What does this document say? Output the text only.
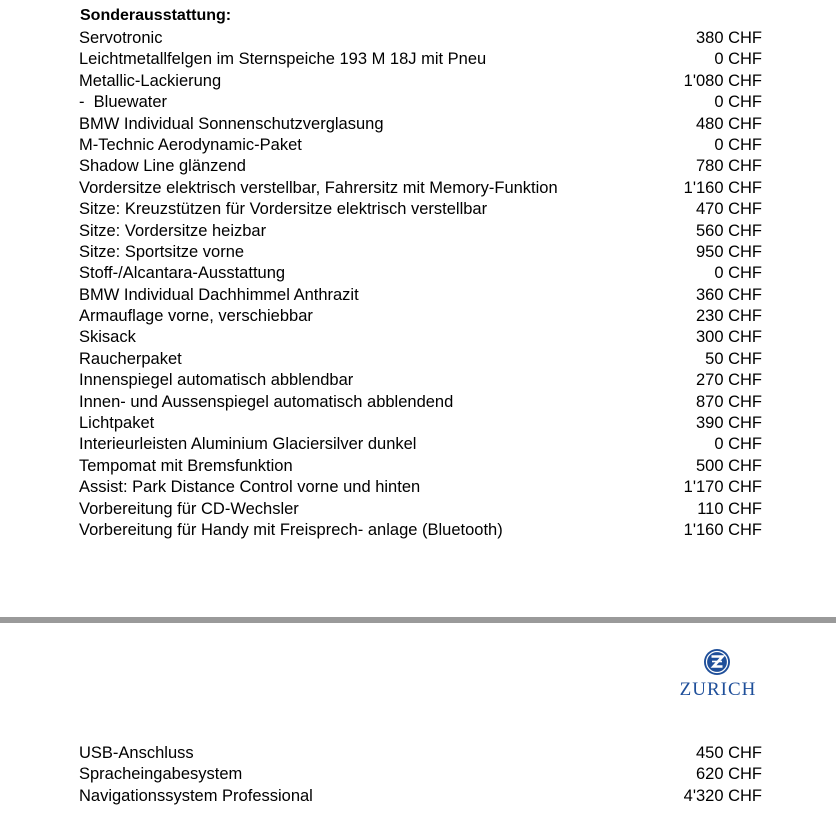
Sonderausstattung:
Servotronic	380 CHF
Leichtmetallfelgen im Sternspeiche 193 M 18J mit Pneu	0 CHF
Metallic-Lackierung	1'080 CHF
-  Bluewater	0 CHF
BMW Individual Sonnenschutzverglasung	480 CHF
M-Technic Aerodynamic-Paket	0 CHF
Shadow Line glänzend	780 CHF
Vordersitze elektrisch verstellbar, Fahrersitz mit Memory-Funktion	1'160 CHF
Sitze: Kreuzstützen für Vordersitze elektrisch verstellbar	470 CHF
Sitze: Vordersitze heizbar	560 CHF
Sitze: Sportsitze vorne	950 CHF
Stoff-/Alcantara-Ausstattung	0 CHF
BMW Individual Dachhimmel Anthrazit	360 CHF
Armauflage vorne, verschiebbar	230 CHF
Skisack	300 CHF
Raucherpaket	50 CHF
Innenspiegel automatisch abblendbar	270 CHF
Innen- und Aussenspiegel automatisch abblendend	870 CHF
Lichtpaket	390 CHF
Interieurleisten Aluminium Glaciersilver dunkel	0 CHF
Tempomat mit Bremsfunktion	500 CHF
Assist: Park Distance Control vorne und hinten	1'170 CHF
Vorbereitung für CD-Wechsler	110 CHF
Vorbereitung für Handy mit Freisprech- anlage (Bluetooth)	1'160 CHF
ZURICH
USB-Anschluss	450 CHF
Spracheingabesystem	620 CHF
Navigationssystem Professional	4'320 CHF
